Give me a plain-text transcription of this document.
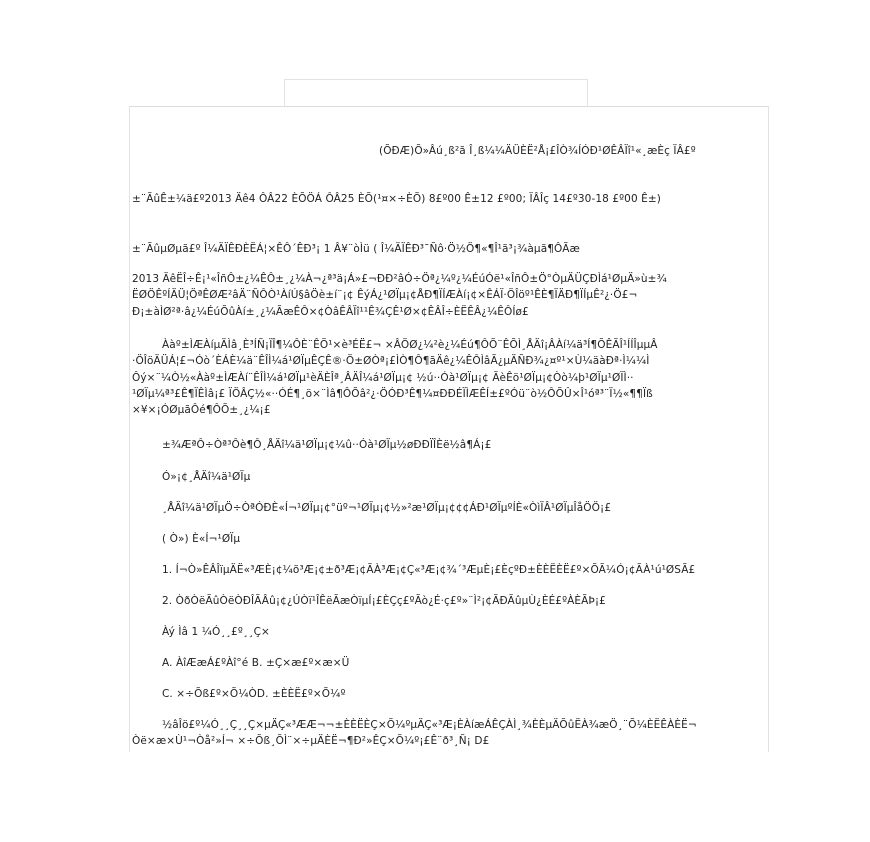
(ÕÐÆ)Õ»Âú¸ß²ã Î¸ß¼¼ÄÜÈË²Å¡£ÎÒ¾ÍÓÐ¹ØÊÂÏî¹«¸æÈç ÏÂ£º
±¨ÃûÊ±¼ä£º2013 Äê4 ÔÂ22 ÈÕÖÁ ÔÂ25 ÈÕ(¹¤×÷ÈÕ) 8£º00 Ê±12 £º00; ÏÂÎç 14£º30-18 £º00 Ê±)
±¨ÃûµØµã£º Î¼ÄÏÊÐÈËÁ¦×ÊÔ´ÊÐ³¡ 1 Â¥¨òÌü ( Î¼ÄÏÊÐ³¯Ñô·Ö½Ö¶«¶Î¹ã³¡¾àµã¶ÔÃæ
2013 ÄêËÎ÷Ê¡¹«ÎñÔ±¿¼ÊÔ±¸¿¼À¬¿ª³ä¡Á»£¬ÐÐ²âÓ÷Öª¿¼º¿¼ÉúÓë¹«ÎñÔ±Ö°ÒµÄÜÇÐÌá¹ØµÄ»ù±¾
ËØÖÊºÍÄÜ¦ÖªÊØÆ²âÄ¨ÑÔÒ¹ÀíÚ§âÖè±í¨¡¢ ÊýÁ¿¹ØÏµ¡¢ÅÐ¶ÏÍÆÀí¡¢×ÊÁÏ·ÖÎöº¹ÊÈ¶ÏÄÐ¶ÏÍµÊ²¿·Ö£¬
Ð¡±àÌØ²ª·â¿¼ÉúÕûÀí±¸¿¼ÃæÊÔ×¢ÒâÊÂÏî¹¹Ê¾ÇÊ¹Ø×¢ÊÂÎ÷ÈËÊÂ¿¼ÊÔÍø£
Ààº±ÌÆÀíµÄÌâ¸È³ÍÑ¡ÏÎ¶¼ÔÈ¨ÊÕ¹×è³ÉË£¬ ×ÂÖØ¿¼²è¿¼Éú¶ÔÕ¨ÊÕÌ¸ÅÄî¡ÂÀí¼ä³Í¶ÕÊÃÎ¹ÍÍÎµµÂ
·ÖÎöÄÜÁ¦£¬Óò´ÈÁÈ¼ä¨ÊÎÌ¼á¹ØÏµÊÇÊ®·Ö±ØÒª¡£ÌÒ¶Ô¶ãÄê¿¼ÊÔÌâÃ¿µÄÑÐ¾¿¤º¹×Ù¼äàÐª·Ì¼¼Ì
Ôý×¨¼Ò½«Ààº±ÌÆÀí¨ÊÎÌ¼á¹ØÏµ¹èÄÈÎª¸ÂÄÎ¼á¹ØÏµ¡¢ ½ú··Óà¹ØÏµ¡¢ ÃèÊö¹ØÏµ¡¢Òò¼þ¹ØÏµ¹ØÏÌ··
¹ØÏµ¼ª³£Ê¶ÏÊÌâ¡£ ÏÖÂÇ½«··ÓÉ¶¸ö×¨Ìâ¶ÔÕâ²¿·ÖÓÐ³Ê¶¼¤ÐÐÉÏÌÆÊÍ±£ºÓü¨ò½ÔÕÛ×Î¹óª³¨Ï½«¶¶Ïß
×¥×¡ÓØµãÔé¶ÔÕ±¸¿¼¡£
±¾ÆªÔ÷Òª³Ôè¶Ô¸ÅÄî¼ä¹ØÏµ¡¢¼û··Óà¹ØÏµ½øÐÐÏÎÈë½â¶Á¡£
Ó»¡¢¸ÅÄî¼ä¹ØÏµ
¸ÅÄî¼ä¹ØÏµÖ÷ÒªÓÐÈ«Í¬¹ØÏµ¡¢°üº¬¹ØÏµ¡¢½»²æ¹ØÏµ¡¢¢¢ÁÐ¹ØÏµºÍÈ«ÒìÏÂ¹ØÏµÎåÖÖ¡£
( Ò») È«Í¬¹ØÏµ
1. Í¬Ò»ÊÂÎïµÄË«³ÆÈ¡¢¼õ³Æ¡¢±ð³Æ¡¢ÃÀ³Æ¡¢Ç«³Æ¡¢¾´³ÆµÈ¡£ÈçºÐ±ÈÈËÈË£º×ÕÃ¼Ó¡¢ÃÀ¹ú¹ØSÃ£
2. ÒðÒëÃûÒëÒÐÎÃÂû¡¢¿ÚÒï¹ÎÊëÃæÒïµÍ¡£ÈÇç£ºÃò¿É·ç£º»¨Ì²¡¢ÃÐÃûµÙ¿ÈÉ£ºÀÈÃÞ¡£
Àý Ìâ 1 ¼Ó¸¸£º¸¸Ç×
A. ÀîÆæÁ£ºÀî°é B. ±Ç×æ£º×æ×Ü
C. ×÷Õß£º×Õ¼ÒD. ±ÈÈË£º×Õ¼º
½âÎö£º¼Ó¸¸Ç¸¸Ç×µÄÇ«³ÆÆ¬¬±ÈÈËÈÇ×Õ¼ºµÄÇ«³Æ¡ÈÀíæÁÊÇÀÌ¸¾ÈÈµÄÕûËÀ¾æÖ¸¨Õ¼ÈËÊÀÈË¬
Òë×æ×Ù¹¬Òå²»Í¬ ×÷Õß¸ÕÌ¨×÷µÄÈË¬¶Ð²»ÊÇ×Õ¼º¡£Ê¨ð³¸Ñ¡ D£
